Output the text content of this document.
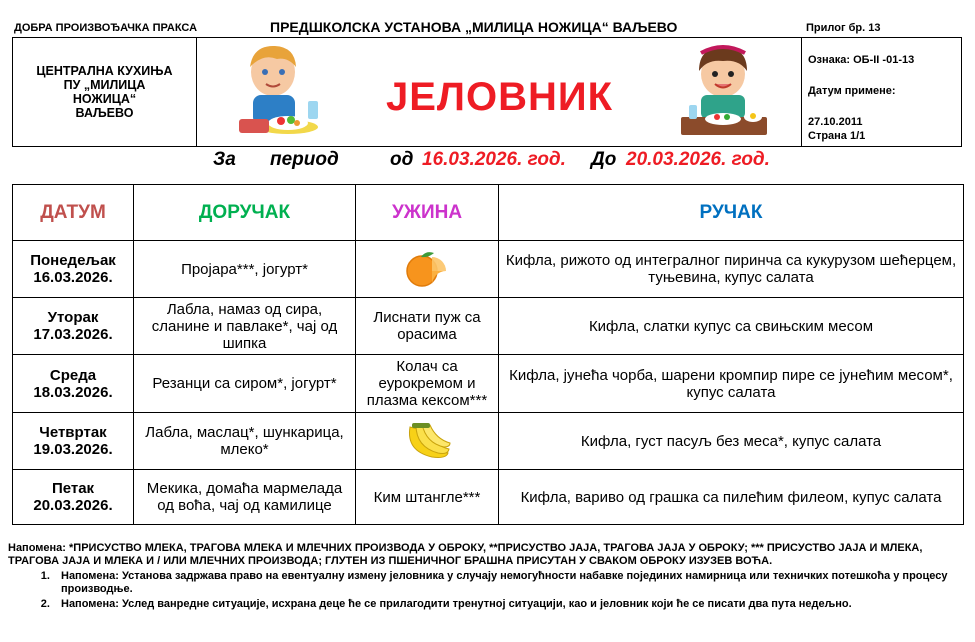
ДОБРА ПРОИЗВОЂАЧКА ПРАКСА	ПРЕДШКОЛСКА УСТАНОВА „МИЛИЦА НОЖИЦА“ ВАЉЕВО	Прилог бр. 13
ЦЕНТРАЛНА КУХИЊА
ПУ „МИЛИЦА
НОЖИЦА“
ВАЉЕВО	ЈЕЛОВНИК
Ознака: ОБ-II -01-13
Датум примене:
27.10.2011
Страна 1/1
За период	од 16.03.2026. год. До 20.03.2026. год.
ДАТУМ	ДОРУЧАК	УЖИНА	РУЧАК

Понедељак
16.03.2026.	Пројара***, јогурт*		Кифла, рижото од интегралног пиринча са кукурузом шећерцем, туњевина, купус салата

Уторак
17.03.2026.	Лабла, намаз од сира, сланине и павлаке*, чај од шипка	Лиснати пуж са орасима	Кифла, слатки купус са свињским месом

Среда
18.03.2026.	Резанци са сиром*, јогурт*	Колач са еурокремом и плазма кексом***	Кифла, јунећа чорба, шарени кромпир пире се јунећим месом*, купус салата

Четвртак
19.03.2026.	Лабла, маслац*, шункарица, млеко*		Кифла, густ пасуљ без меса*, купус салата

Петак
20.03.2026.	Мекика, домаћа мармелада од воћа, чај од камилице	Ким штангле***	Кифла, вариво од грашка са пилећим филеом, купус салата
Напомена: *ПРИСУСТВО МЛЕКА, ТРАГОВА МЛЕКА И МЛЕЧНИХ ПРОИЗВОДА У ОБРОКУ, **ПРИСУСТВО ЈАЈА, ТРАГОВА ЈАЈА У ОБРОКУ; *** ПРИСУСТВО ЈАЈА И МЛЕКА, ТРАГОВА ЈАЈА И МЛЕКА И / ИЛИ МЛЕЧНИХ ПРОИЗВОДА; ГЛУТЕН ИЗ ПШЕНИЧНОГ БРАШНА ПРИСУТАН У СВАКОМ ОБРОКУ ИЗУЗЕВ ВОЋА.
1. Напомена: Установа задржава право на евентуалну измену јеловника у случају немогућности набавке појединих намирница или техничких потешкоћа у процесу производње.
2. Напомена: Услед ванредне ситуације, исхрана деце ће се прилагодити тренутној ситуацији, као и јеловник који ће се писати два пута недељно.
